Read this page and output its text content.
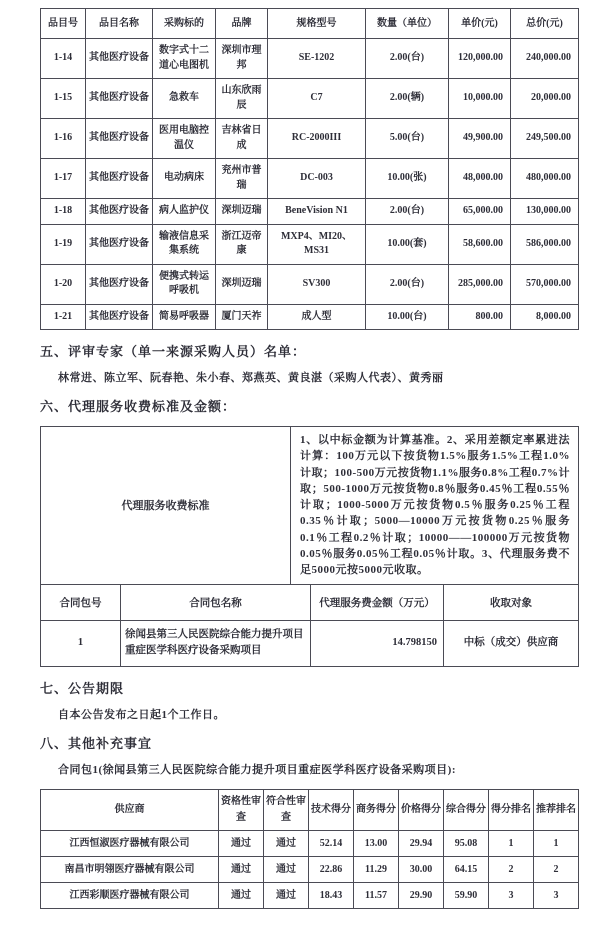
品目号	品目名称	采购标的	品牌	规格型号	数量（单位）	单价(元)	总价(元)
1-14	其他医疗设备	数字式十二道心电图机	深圳市理邦	SE-1202	2.00(台)	120,000.00	240,000.00
1-15	其他医疗设备	急救车	山东欣雨辰	C7	2.00(辆)	10,000.00	20,000.00
1-16	其他医疗设备	医用电脑控温仪	吉林省日成	RC-2000III	5.00(台)	49,900.00	249,500.00
1-17	其他医疗设备	电动病床	兖州市普瑞	DC-003	10.00(张)	48,000.00	480,000.00
1-18	其他医疗设备	病人监护仪	深圳迈瑞	BeneVision N1	2.00(台)	65,000.00	130,000.00
1-19	其他医疗设备	输液信息采集系统	浙江迈帝康	MXP4、MI20、MS31	10.00(套)	58,600.00	586,000.00
1-20	其他医疗设备	便携式转运呼吸机	深圳迈瑞	SV300	2.00(台)	285,000.00	570,000.00
1-21	其他医疗设备	简易呼吸器	厦门天祚	成人型	10.00(台)	800.00	8,000.00
五、评审专家（单一来源采购人员）名单：
林常进、陈立军、阮春艳、朱小春、郑燕英、黄良湛（采购人代表）、黄秀丽
六、代理服务收费标准及金额：
代理服务收费标准	1、以中标金额为计算基准。2、采用差额定率累进法计算：100万元以下按货物1.5%服务1.5%工程1.0%计取；100-500万元按货物1.1%服务0.8%工程0.7%计取；500-1000万元按货物0.8％服务0.45％工程0.55％计取；1000-5000万元按货物0.5％服务0.25％工程0.35％计取；5000—10000万元按货物0.25％服务0.1％工程0.2％计取；10000——100000万元按货物0.05％服务0.05％工程0.05％计取。3、代理服务费不足5000元按5000元收取。
合同包号	合同包名称	代理服务费金额（万元）	收取对象
1	徐闻县第三人民医院综合能力提升项目重症医学科医疗设备采购项目	14.798150	中标（成交）供应商
七、公告期限
自本公告发布之日起1个工作日。
八、其他补充事宜
合同包1(徐闻县第三人民医院综合能力提升项目重症医学科医疗设备采购项目):
供应商	资格性审查	符合性审查	技术得分	商务得分	价格得分	综合得分	得分排名	推荐排名
江西恒淑医疗器械有限公司	通过	通过	52.14	13.00	29.94	95.08	1	1
南昌市明翎医疗器械有限公司	通过	通过	22.86	11.29	30.00	64.15	2	2
江西彩顺医疗器械有限公司	通过	通过	18.43	11.57	29.90	59.90	3	3
